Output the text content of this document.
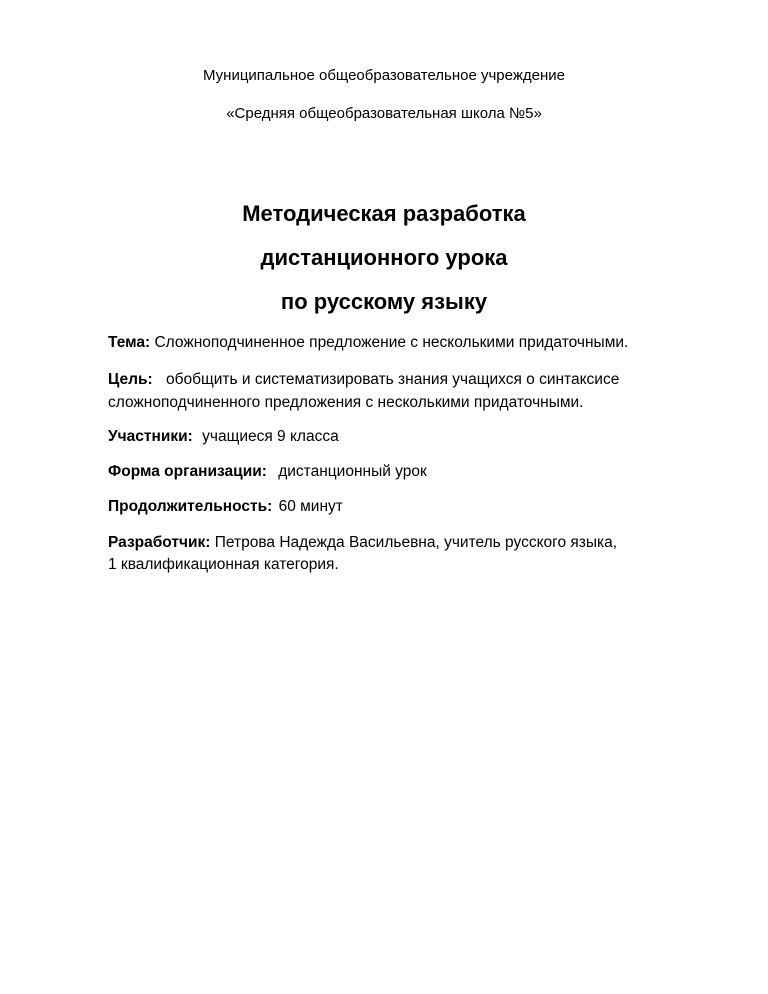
Муниципальное общеобразовательное учреждение
«Средняя общеобразовательная школа №5»
Методическая разработка
дистанционного урока
по русскому языку
Тема: Сложноподчиненное предложение с несколькими придаточными.
Цель: обобщить и систематизировать знания учащихся о синтаксисе
сложноподчиненного предложения с несколькими придаточными.
Участники: учащиеся 9 класса
Форма организации: дистанционный урок
Продолжительность: 60 минут
Разработчик: Петрова Надежда Васильевна, учитель русского языка,
1 квалификационная категория.
